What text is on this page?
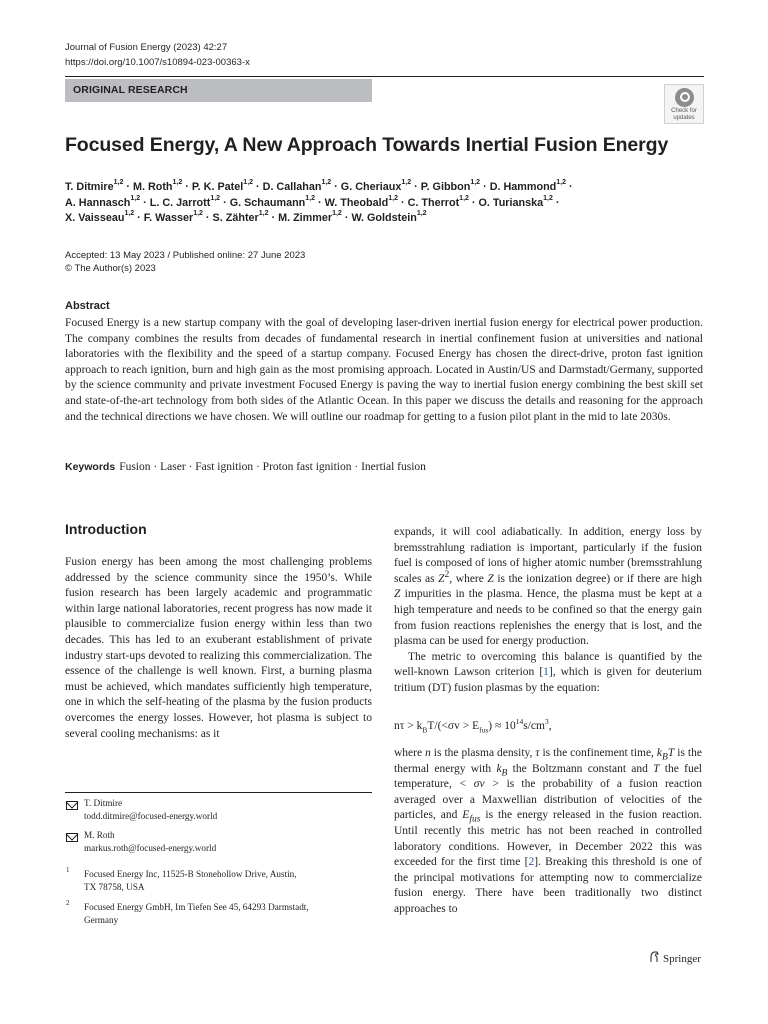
Journal of Fusion Energy (2023) 42:27
https://doi.org/10.1007/s10894-023-00363-x
ORIGINAL RESEARCH
Check for
updates
Focused Energy, A New Approach Towards Inertial Fusion Energy
T. Ditmire$^{1,2}$ · M. Roth$^{1,2}$ · P. K. Patel$^{1,2}$ · D. Callahan$^{1,2}$ · G. Cheriaux$^{1,2}$ · P. Gibbon$^{1,2}$ · D. Hammond$^{1,2}$ ·
A. Hannasch$^{1,2}$ · L. C. Jarrott$^{1,2}$ · G. Schaumann$^{1,2}$ · W. Theobald$^{1,2}$ · C. Therrot$^{1,2}$ · O. Turianska$^{1,2}$ ·
X. Vaisseau$^{1,2}$ · F. Wasser$^{1,2}$ · S. Zähter$^{1,2}$ · M. Zimmer$^{1,2}$ · W. Goldstein$^{1,2}$
Accepted: 13 May 2023 / Published online: 27 June 2023
© The Author(s) 2023
Abstract
Focused Energy is a new startup company with the goal of developing laser-driven inertial fusion energy for electrical power production. The company combines the results from decades of fundamental research in inertial confinement fusion at universities and national laboratories with the flexibility and the speed of a startup company. Focused Energy has chosen the direct-drive, proton fast ignition approach to reach ignition, burn and high gain as the most promising approach. Located in Austin/US and Darmstadt/Germany, supported by the science community and private investment Focused Energy is paving the way to inertial fusion energy combining the best skill set and state-of-the-art technology from both sides of the Atlantic Ocean. In this paper we discuss the details and reasoning for the approach and the technical directions we have chosen. We will outline our roadmap for getting to a fusion pilot plant in the mid to late 2030s.
Keywords Fusion · Laser · Fast ignition · Proton fast ignition · Inertial fusion
Introduction
Fusion energy has been among the most challenging problems addressed by the science community since the 1950’s. While fusion research has been largely academic and programmatic within large national laboratories, recent progress has now made it plausible to commercialize fusion energy within less than two decades. This has led to an exuberant establishment of private industry start-ups devoted to realizing this commercialization. The essence of the challenge is well known. First, a burning plasma must be achieved, which mandates sufficiently high temperature, one in which the self-heating of the plasma by the fusion products overcomes the energy losses. However, hot plasma is subject to several cooling mechanisms: as it

expands, it will cool adiabatically. In addition, energy loss by bremsstrahlung radiation is important, particularly if the fusion fuel is composed of ions of higher atomic number (bremsstrahlung scales as $Z^2$, where Z is the ionization degree) or if there are high Z impurities in the plasma. Hence, the plasma must be kept at a high temperature and needs to be confined so that the energy gain from fusion reactions replenishes the energy that is lost, and the plasma can be used for energy production.

The metric to overcoming this balance is quantified by the well-known Lawson criterion [1], which is given for deuterium tritium (DT) fusion plasmas by the equation:

$n\tau > k_BT/(<\sigma v > E_{fus}) \approx 10^{14}s/cm^3$,

where n is the plasma density, τ is the confinement time, $k_BT$ is the thermal energy with $k_B$ the Boltzmann constant and T the fuel temperature, < σv > is the probability of a fusion reaction averaged over a Maxwellian distribution of velocities of the particles, and $E_{fus}$ is the energy released in the fusion reaction. Until recently this metric has not been reached in controlled laboratory conditions. However, in December 2022 this was exceeded for the first time [2]. Breaking this threshold is one of the principal motivations for attempting now to commercialize fusion energy. There have been traditionally two distinct approaches to

T. Ditmire
todd.ditmire@focused-energy.world
M. Roth
markus.roth@focused-energy.world
1 Focused Energy Inc, 11525-B Stonehollow Drive, Austin,
TX 78758, USA
2 Focused Energy GmbH, Im Tiefen See 45, 64293 Darmstadt,
Germany
Springer
